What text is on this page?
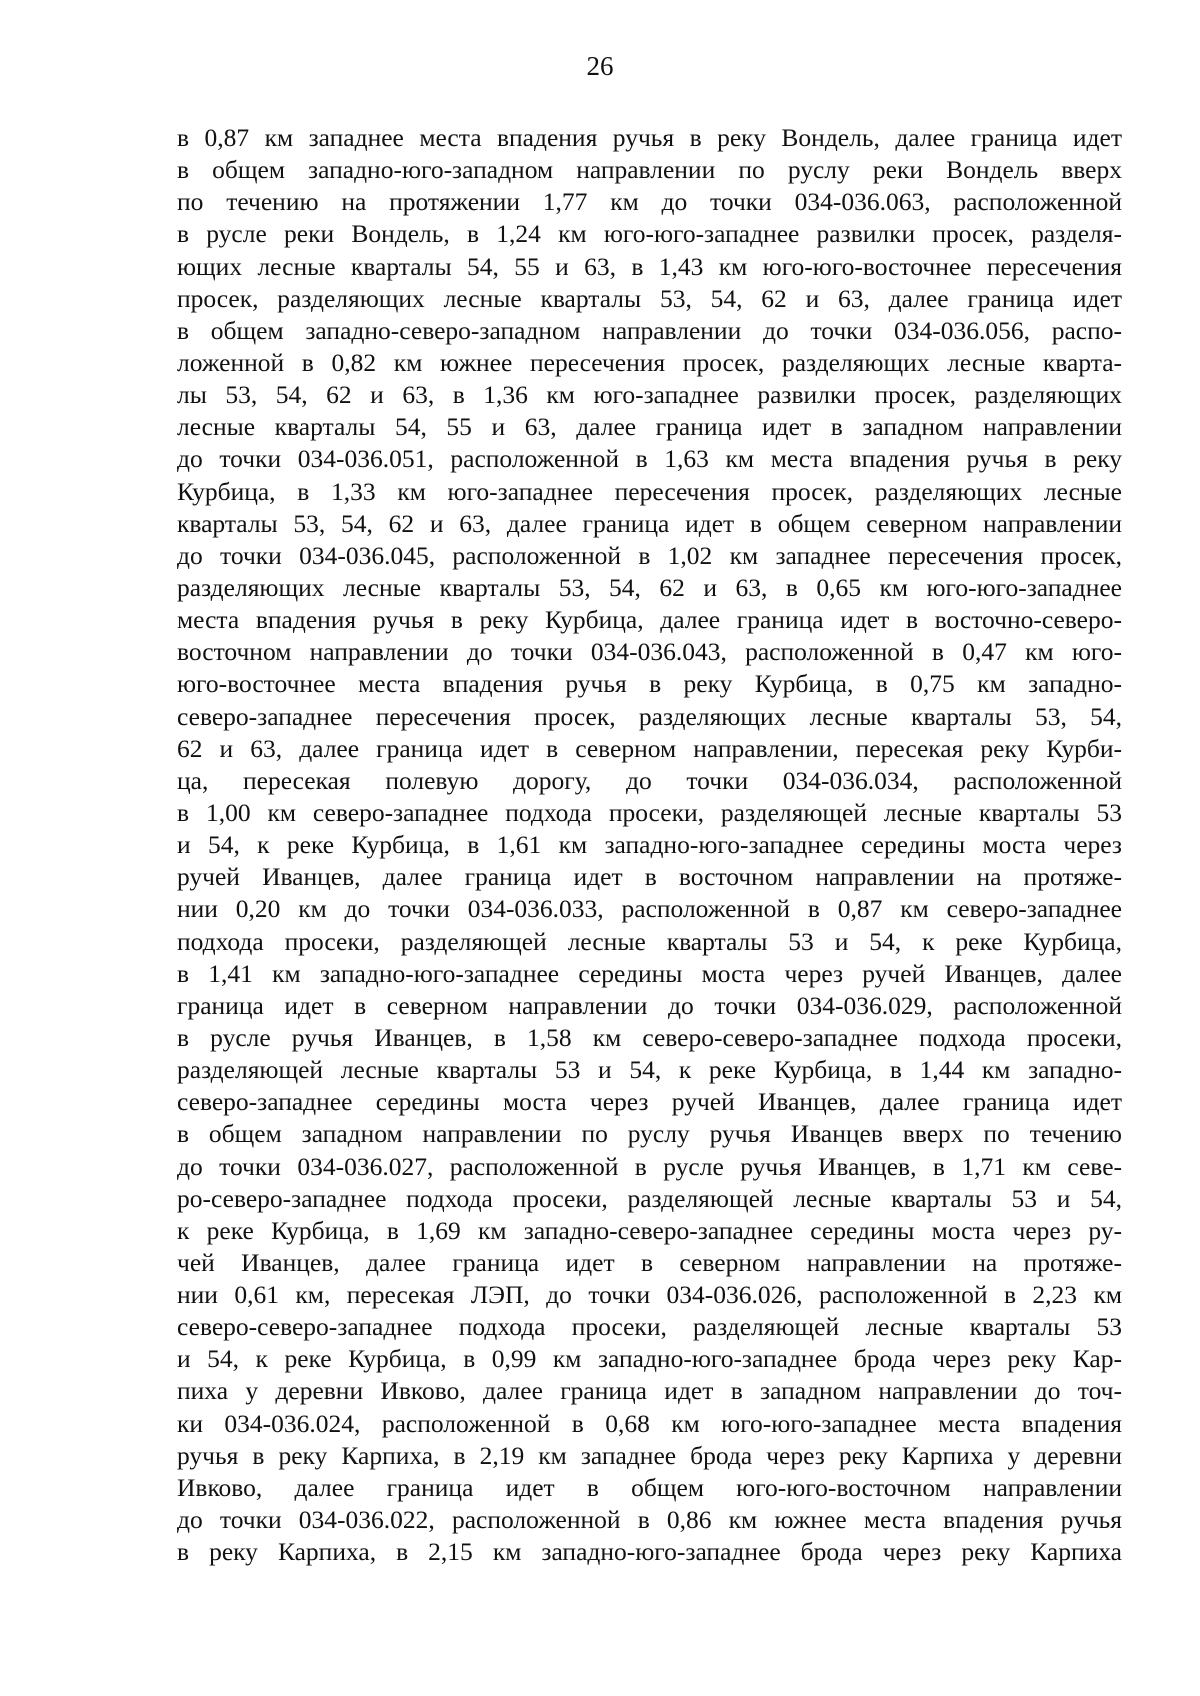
26
в 0,87 км западнее места впадения ручья в реку Вондель, далее граница идет
в общем западно-юго-западном направлении по руслу реки Вондель вверх
по течению на протяжении 1,77 км до точки 034-036.063, расположенной
в русле реки Вондель, в 1,24 км юго-юго-западнее развилки просек, разделя-
ющих лесные кварталы 54, 55 и 63, в 1,43 км юго-юго-восточнее пересечения
просек, разделяющих лесные кварталы 53, 54, 62 и 63, далее граница идет
в общем западно-северо-западном направлении до точки 034-036.056, распо-
ложенной в 0,82 км южнее пересечения просек, разделяющих лесные кварта-
лы 53, 54, 62 и 63, в 1,36 км юго-западнее развилки просек, разделяющих
лесные кварталы 54, 55 и 63, далее граница идет в западном направлении
до точки 034-036.051, расположенной в 1,63 км места впадения ручья в реку
Курбица, в 1,33 км юго-западнее пересечения просек, разделяющих лесные
кварталы 53, 54, 62 и 63, далее граница идет в общем северном направлении
до точки 034-036.045, расположенной в 1,02 км западнее пересечения просек,
разделяющих лесные кварталы 53, 54, 62 и 63, в 0,65 км юго-юго-западнее
места впадения ручья в реку Курбица, далее граница идет в восточно-северо-
восточном направлении до точки 034-036.043, расположенной в 0,47 км юго-
юго-восточнее места впадения ручья в реку Курбица, в 0,75 км западно-
северо-западнее пересечения просек, разделяющих лесные кварталы 53, 54,
62 и 63, далее граница идет в северном направлении, пересекая реку Курби-
ца, пересекая полевую дорогу, до точки 034-036.034, расположенной
в 1,00 км северо-западнее подхода просеки, разделяющей лесные кварталы 53
и 54, к реке Курбица, в 1,61 км западно-юго-западнее середины моста через
ручей Иванцев, далее граница идет в восточном направлении на протяже-
нии 0,20 км до точки 034-036.033, расположенной в 0,87 км северо-западнее
подхода просеки, разделяющей лесные кварталы 53 и 54, к реке Курбица,
в 1,41 км западно-юго-западнее середины моста через ручей Иванцев, далее
граница идет в северном направлении до точки 034-036.029, расположенной
в русле ручья Иванцев, в 1,58 км северо-северо-западнее подхода просеки,
разделяющей лесные кварталы 53 и 54, к реке Курбица, в 1,44 км западно-
северо-западнее середины моста через ручей Иванцев, далее граница идет
в общем западном направлении по руслу ручья Иванцев вверх по течению
до точки 034-036.027, расположенной в русле ручья Иванцев, в 1,71 км севе-
ро-северо-западнее подхода просеки, разделяющей лесные кварталы 53 и 54,
к реке Курбица, в 1,69 км западно-северо-западнее середины моста через ру-
чей Иванцев, далее граница идет в северном направлении на протяже-
нии 0,61 км, пересекая ЛЭП, до точки 034-036.026, расположенной в 2,23 км
северо-северо-западнее подхода просеки, разделяющей лесные кварталы 53
и 54, к реке Курбица, в 0,99 км западно-юго-западнее брода через реку Кар-
пиха у деревни Ивково, далее граница идет в западном направлении до точ-
ки 034-036.024, расположенной в 0,68 км юго-юго-западнее места впадения
ручья в реку Карпиха, в 2,19 км западнее брода через реку Карпиха у деревни
Ивково, далее граница идет в общем юго-юго-восточном направлении
до точки 034-036.022, расположенной в 0,86 км южнее места впадения ручья
в реку Карпиха, в 2,15 км западно-юго-западнее брода через реку Карпиха
